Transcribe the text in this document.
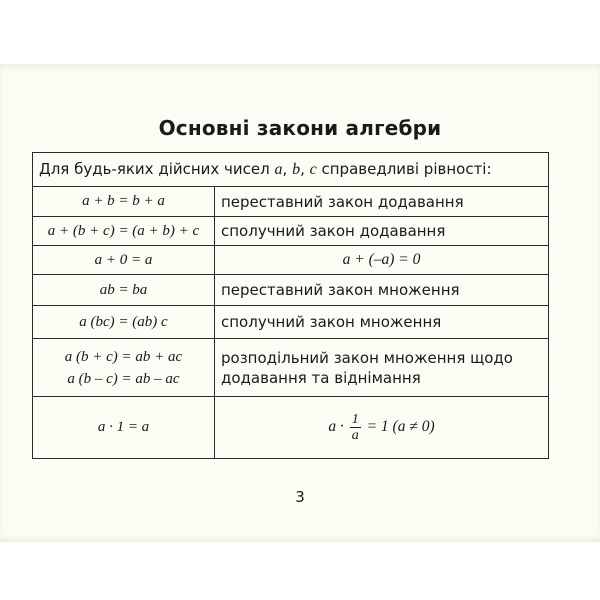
Основні закони алгебри
Для будь-яких дійсних чисел a, b, c справедливі рівності:	
a + b = b + a	переставний закон додавання
a + (b + c) = (a + b) + c	сполучний закон додавання
a + 0 = a	a + (–a) = 0
ab = ba	переставний закон множення
a (bc) = (ab) c	сполучний закон множення

a (b + c) = ab + ac
a (b – c) = ab – ac	розподільний закон множення щодо додавання та віднімання
a · 1 = a	$a \cdot \frac{1}{a} = 1$ (a ≠ 0)
3
